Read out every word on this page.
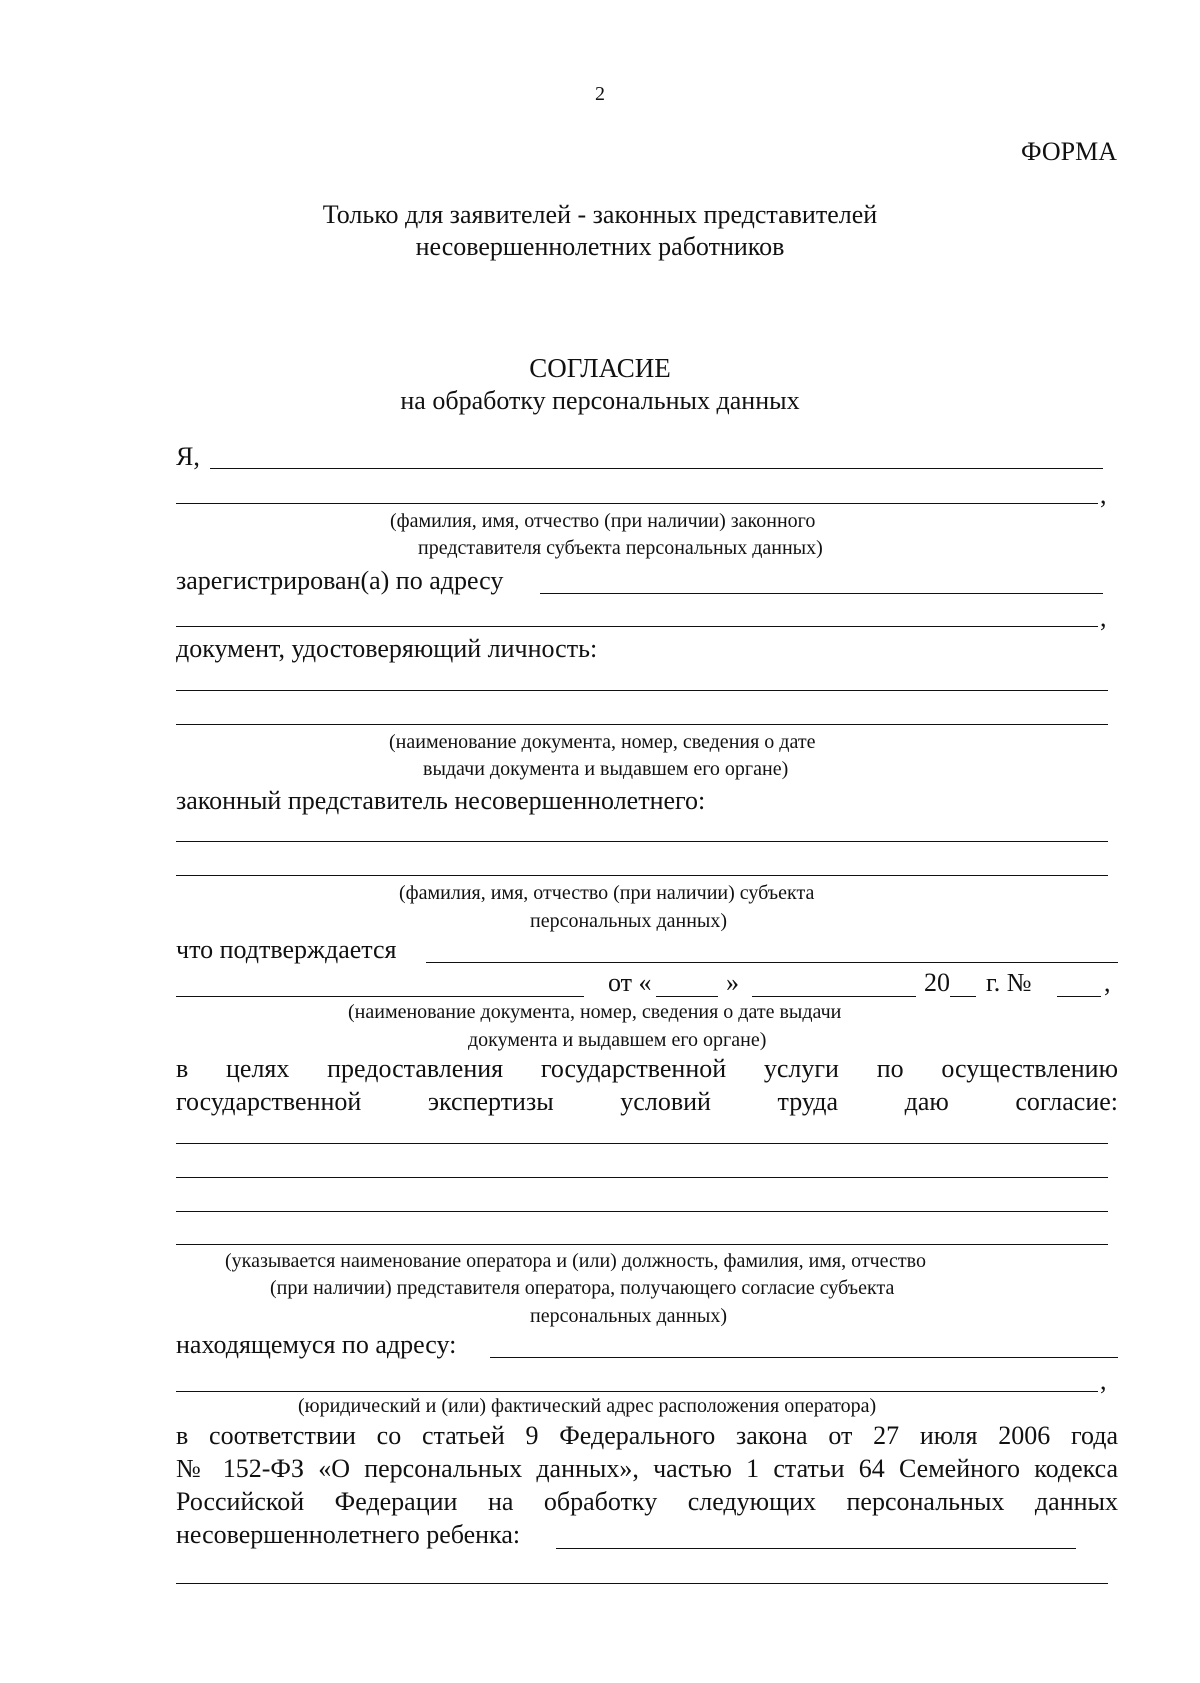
2
ФОРМА
Только для заявителей - законных представителей
несовершеннолетних работников
СОГЛАСИЕ
на обработку персональных данных
Я,
,
(фамилия, имя, отчество (при наличии) законного
представителя субъекта персональных данных)
зарегистрирован(а) по адресу
,
документ, удостоверяющий личность:
(наименование документа, номер, сведения о дате
выдачи документа и выдавшем его органе)
законный представитель несовершеннолетнего:
(фамилия, имя, отчество (при наличии) субъекта
персональных данных)
что подтверждается
от «	»	20 г. №	,
(наименование документа, номер, сведения о дате выдачи
документа и выдавшем его органе)
в целях предоставления государственной услуги по осуществлению
государственной экспертизы условий труда даю согласие:
(указывается наименование оператора и (или) должность, фамилия, имя, отчество
(при наличии) представителя оператора, получающего согласие субъекта
персональных данных)
находящемуся по адресу:
,
(юридический и (или) фактический адрес расположения оператора)
в соответствии со статьей 9 Федерального закона от 27 июля 2006 года
№ 152-ФЗ «О персональных данных», частью 1 статьи 64 Семейного кодекса
Российской Федерации на обработку следующих персональных данных
несовершеннолетнего ребенка:
